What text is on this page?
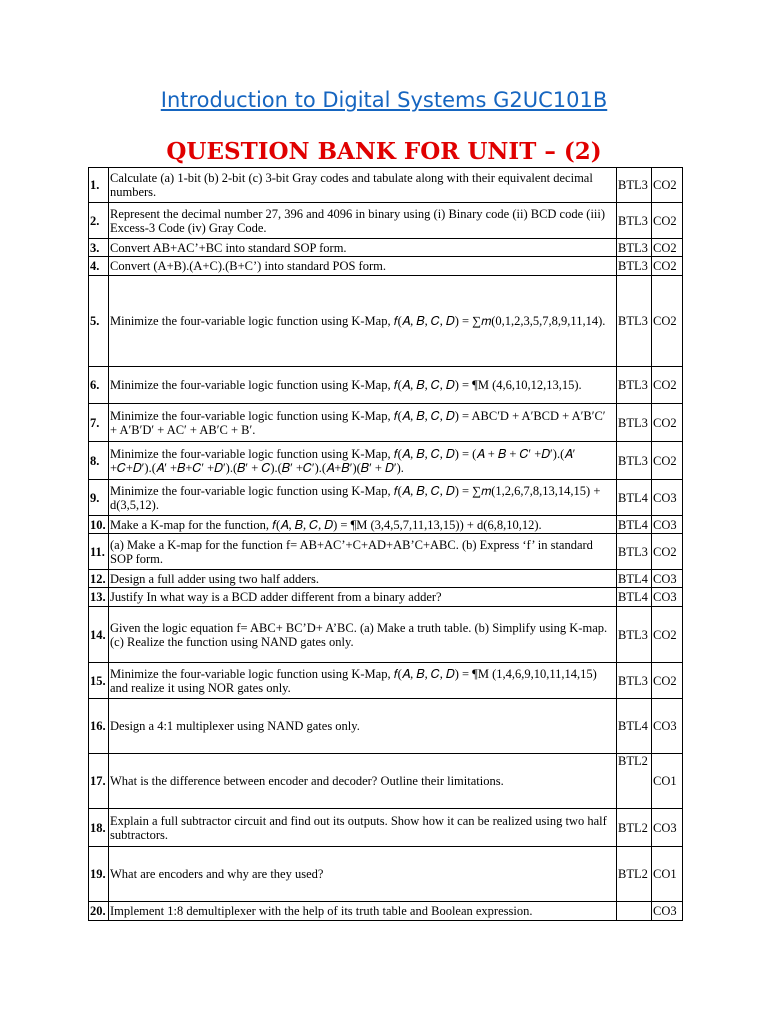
Introduction to Digital Systems G2UC101B
QUESTION BANK FOR UNIT – (2)
1.	Calculate (a) 1-bit (b) 2-bit (c) 3-bit Gray codes and tabulate along with their equivalent decimal numbers.	BTL3	CO2
2.	Represent the decimal number 27, 396 and 4096 in binary using (i) Binary code (ii) BCD code (iii) Excess-3 Code (iv) Gray Code.	BTL3	CO2
3.	Convert AB+AC’+BC into standard SOP form.	BTL3	CO2
4.	Convert (A+B).(A+C).(B+C’) into standard POS form.	BTL3	CO2
5.	Minimize the four-variable logic function using K-Map, 𝑓(𝐴, 𝐵, 𝐶, 𝐷) = ∑𝑚(0,1,2,3,5,7,8,9,11,14).	BTL3	CO2
6.	Minimize the four-variable logic function using K-Map, 𝑓(𝐴, 𝐵, 𝐶, 𝐷) = ¶M (4,6,10,12,13,15).	BTL3	CO2
7.	Minimize the four-variable logic function using K-Map, 𝑓(𝐴, 𝐵, 𝐶, 𝐷) = ABC′D + A′BCD + A′B′C′ + A′B′D′ + AC′ + AB′C + B′.	BTL3	CO2
8.	Minimize the four-variable logic function using K-Map, 𝑓(𝐴, 𝐵, 𝐶, 𝐷) = (𝐴 + 𝐵 + 𝐶′ +𝐷′).(𝐴′ +𝐶+𝐷′).(𝐴′ +𝐵+𝐶′ +𝐷′).(𝐵′ + 𝐶).(𝐵′ +𝐶′).(𝐴+𝐵′)(𝐵′ + 𝐷′).	BTL3	CO2
9.	Minimize the four-variable logic function using K-Map, 𝑓(𝐴, 𝐵, 𝐶, 𝐷) = ∑𝑚(1,2,6,7,8,13,14,15) + d(3,5,12).	BTL4	CO3
10.	Make a K-map for the function, 𝑓(𝐴, 𝐵, 𝐶, 𝐷) = ¶M (3,4,5,7,11,13,15)) + d(6,8,10,12).	BTL4	CO3
11.	(a) Make a K-map for the function f= AB+AC’+C+AD+AB’C+ABC. (b) Express ‘f’ in standard SOP form.	BTL3	CO2
12.	Design a full adder using two half adders.	BTL4	CO3
13.	Justify In what way is a BCD adder different from a binary adder?	BTL4	CO3
14.	Given the logic equation f= ABC+ BC’D+ A’BC. (a) Make a truth table. (b) Simplify using K-map. (c) Realize the function using NAND gates only.	BTL3	CO2
15.	Minimize the four-variable logic function using K-Map, 𝑓(𝐴, 𝐵, 𝐶, 𝐷) = ¶M (1,4,6,9,10,11,14,15) and realize it using NOR gates only.	BTL3	CO2
16.	Design a 4:1 multiplexer using NAND gates only.	BTL4	CO3
17.	What is the difference between encoder and decoder? Outline their limitations.	BTL2	CO1
18.	Explain a full subtractor circuit and find out its outputs. Show how it can be realized using two half subtractors.	BTL2	CO3
19.	What are encoders and why are they used?	BTL2	CO1
20.	Implement 1:8 demultiplexer with the help of its truth table and Boolean expression.		CO3
